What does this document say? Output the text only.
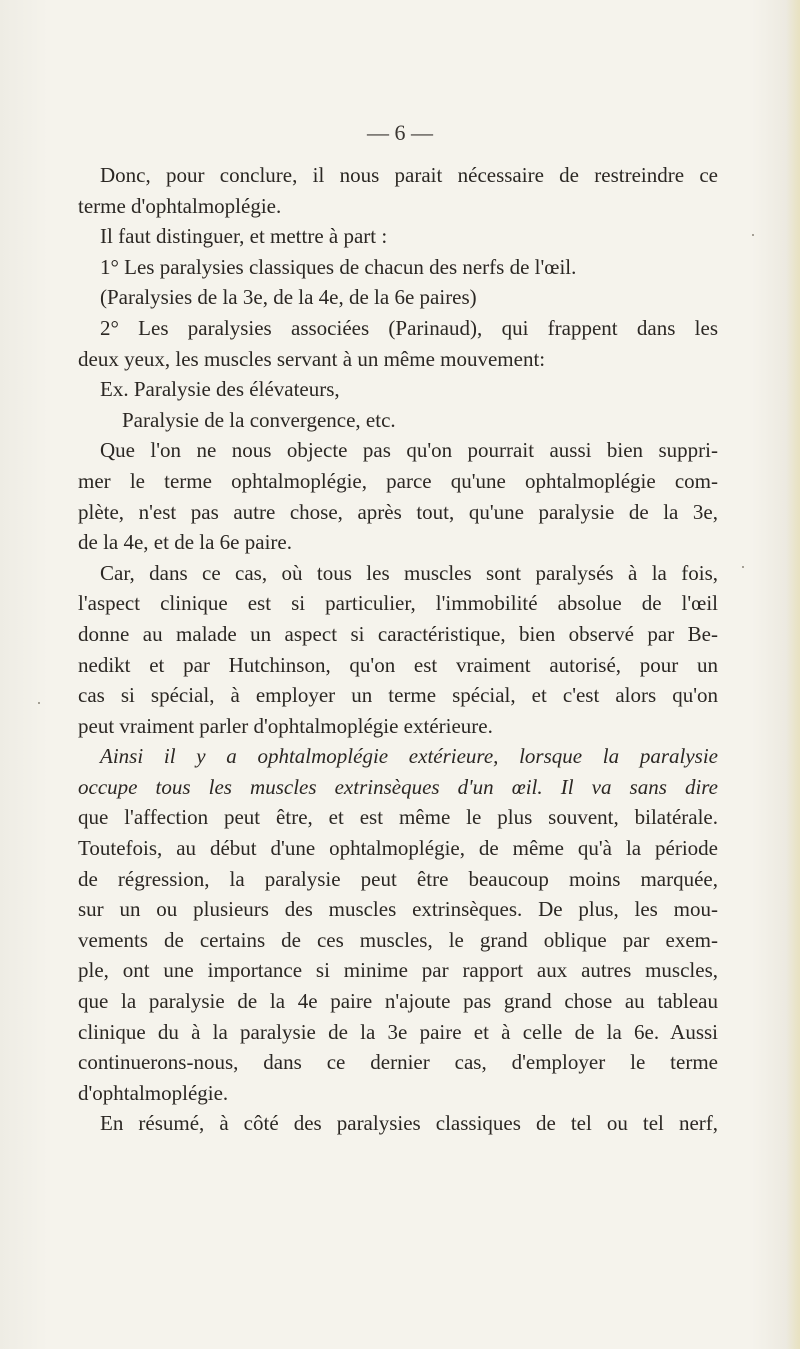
— 6 —
Donc, pour conclure, il nous parait nécessaire de restreindre ce
terme d'ophtalmoplégie.
Il faut distinguer, et mettre à part :
1° Les paralysies classiques de chacun des nerfs de l'œil.
(Paralysies de la 3e, de la 4e, de la 6e paires)
2° Les paralysies associées (Parinaud), qui frappent dans les
deux yeux, les muscles servant à un même mouvement:
Ex. Paralysie des élévateurs,
Paralysie de la convergence, etc.
Que l'on ne nous objecte pas qu'on pourrait aussi bien suppri-
mer le terme ophtalmoplégie, parce qu'une ophtalmoplégie com-
plète, n'est pas autre chose, après tout, qu'une paralysie de la 3e,
de la 4e, et de la 6e paire.
Car, dans ce cas, où tous les muscles sont paralysés à la fois,
l'aspect clinique est si particulier, l'immobilité absolue de l'œil
donne au malade un aspect si caractéristique, bien observé par Be-
nedikt et par Hutchinson, qu'on est vraiment autorisé, pour un
cas si spécial, à employer un terme spécial, et c'est alors qu'on
peut vraiment parler d'ophtalmoplégie extérieure.
Ainsi il y a ophtalmoplégie extérieure, lorsque la paralysie
occupe tous les muscles extrinsèques d'un œil. Il va sans dire
que l'affection peut être, et est même le plus souvent, bilatérale.
Toutefois, au début d'une ophtalmoplégie, de même qu'à la période
de régression, la paralysie peut être beaucoup moins marquée,
sur un ou plusieurs des muscles extrinsèques. De plus, les mou-
vements de certains de ces muscles, le grand oblique par exem-
ple, ont une importance si minime par rapport aux autres muscles,
que la paralysie de la 4e paire n'ajoute pas grand chose au tableau
clinique du à la paralysie de la 3e paire et à celle de la 6e. Aussi
continuerons-nous, dans ce dernier cas, d'employer le terme
d'ophtalmoplégie.
En résumé, à côté des paralysies classiques de tel ou tel nerf,
